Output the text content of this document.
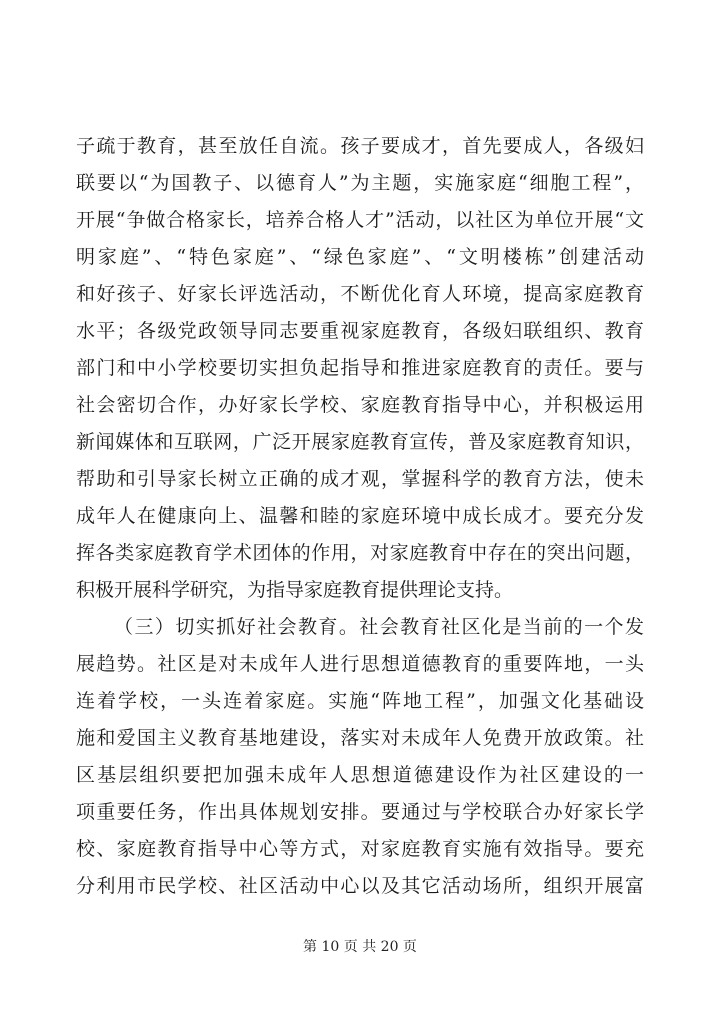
子疏于教育，甚至放任自流。孩子要成才，首先要成人，各级妇
联要以“为国教子、以德育人”为主题，实施家庭“细胞工程”，
开展“争做合格家长，培养合格人才”活动，以社区为单位开展“文
明家庭”、“特色家庭”、“绿色家庭”、“文明楼栋”创建活动
和好孩子、好家长评选活动，不断优化育人环境，提高家庭教育
水平；各级党政领导同志要重视家庭教育，各级妇联组织、教育
部门和中小学校要切实担负起指导和推进家庭教育的责任。要与
社会密切合作，办好家长学校、家庭教育指导中心，并积极运用
新闻媒体和互联网，广泛开展家庭教育宣传，普及家庭教育知识，
帮助和引导家长树立正确的成才观，掌握科学的教育方法，使未
成年人在健康向上、温馨和睦的家庭环境中成长成才。要充分发
挥各类家庭教育学术团体的作用，对家庭教育中存在的突出问题，
积极开展科学研究，为指导家庭教育提供理论支持。
（三）切实抓好社会教育。社会教育社区化是当前的一个发
展趋势。社区是对未成年人进行思想道德教育的重要阵地，一头
连着学校，一头连着家庭。实施“阵地工程”，加强文化基础设
施和爱国主义教育基地建设，落实对未成年人免费开放政策。社
区基层组织要把加强未成年人思想道德建设作为社区建设的一
项重要任务，作出具体规划安排。要通过与学校联合办好家长学
校、家庭教育指导中心等方式，对家庭教育实施有效指导。要充
分利用市民学校、社区活动中心以及其它活动场所，组织开展富
第 10 页 共 20 页
